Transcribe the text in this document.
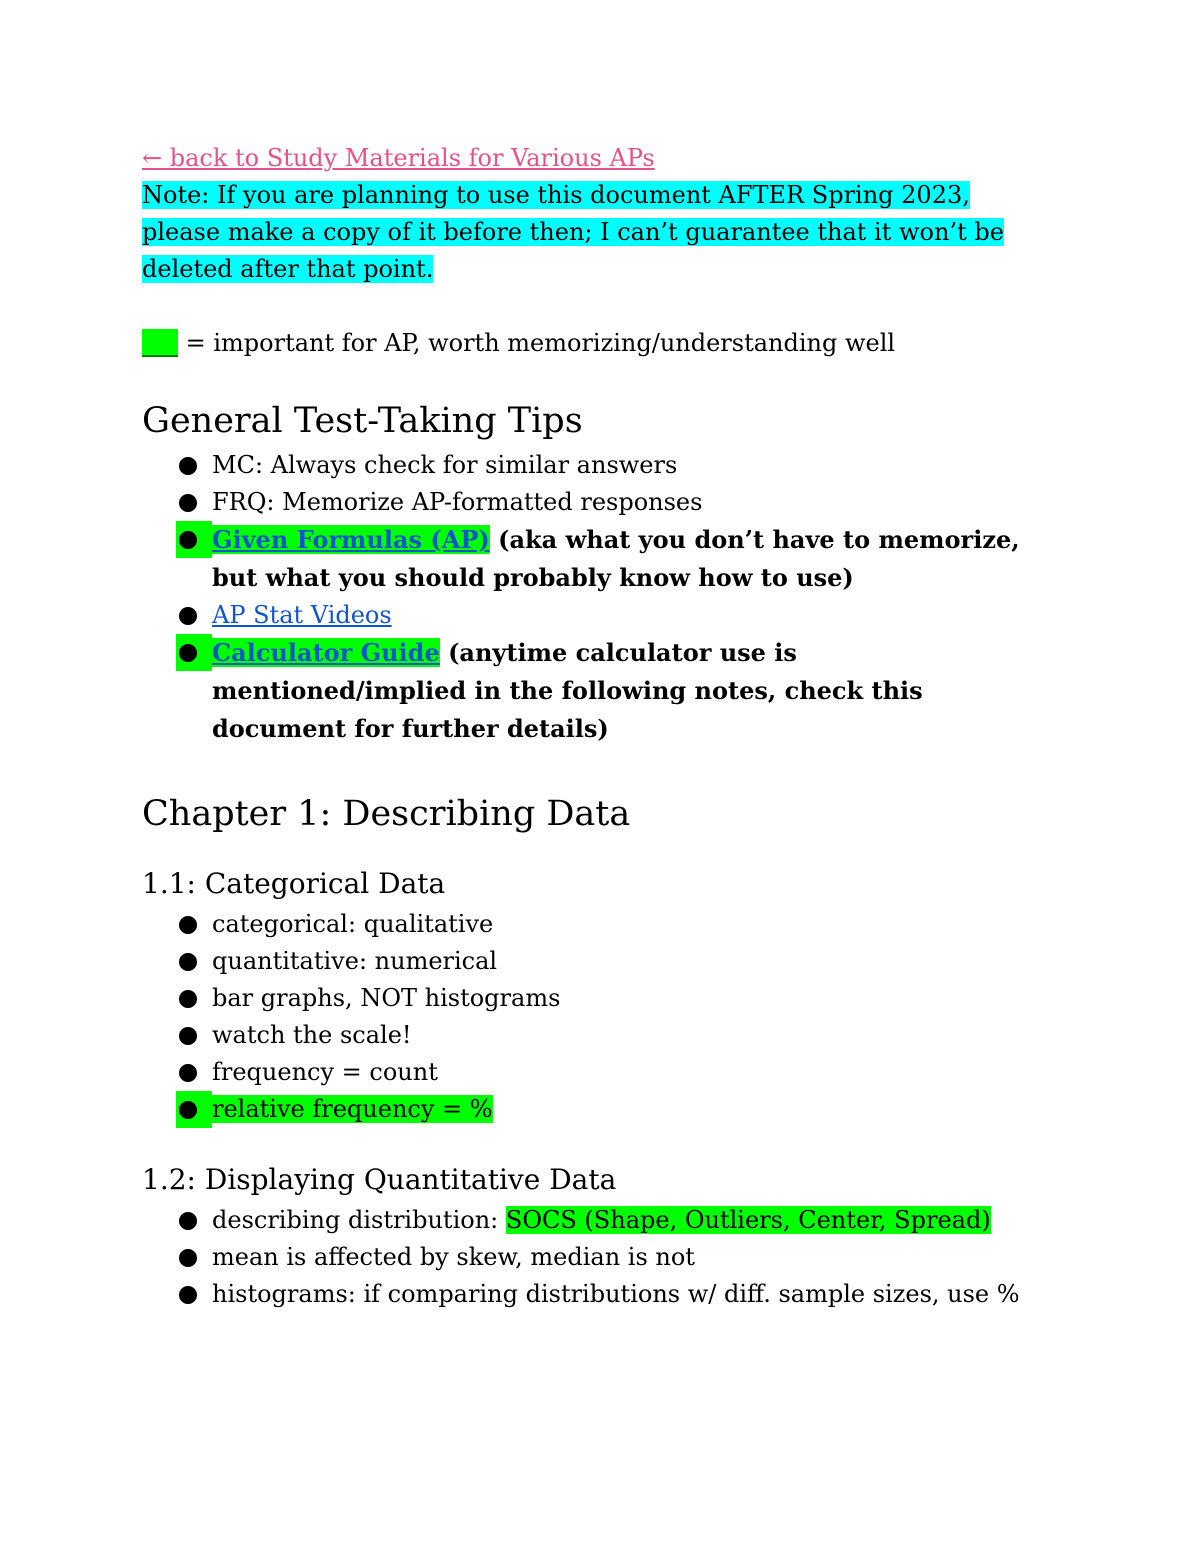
← back to Study Materials for Various APs

Note: If you are planning to use this document AFTER Spring 2023, please make a copy of it before then; I can’t guarantee that it won’t be deleted after that point.

___ = important for AP, worth memorizing/understanding well
General Test-Taking Tips
MC: Always check for similar answers
FRQ: Memorize AP-formatted responses
Given Formulas (AP) (aka what you don’t have to memorize, but what you should probably know how to use)
AP Stat Videos
Calculator Guide (anytime calculator use is mentioned/implied in the following notes, check this document for further details)
Chapter 1: Describing Data
1.1: Categorical Data
categorical: qualitative
quantitative: numerical
bar graphs, NOT histograms
watch the scale!
frequency = count
relative frequency = %
1.2: Displaying Quantitative Data
describing distribution: SOCS (Shape, Outliers, Center, Spread)
mean is affected by skew, median is not
histograms: if comparing distributions w/ diff. sample sizes, use %
